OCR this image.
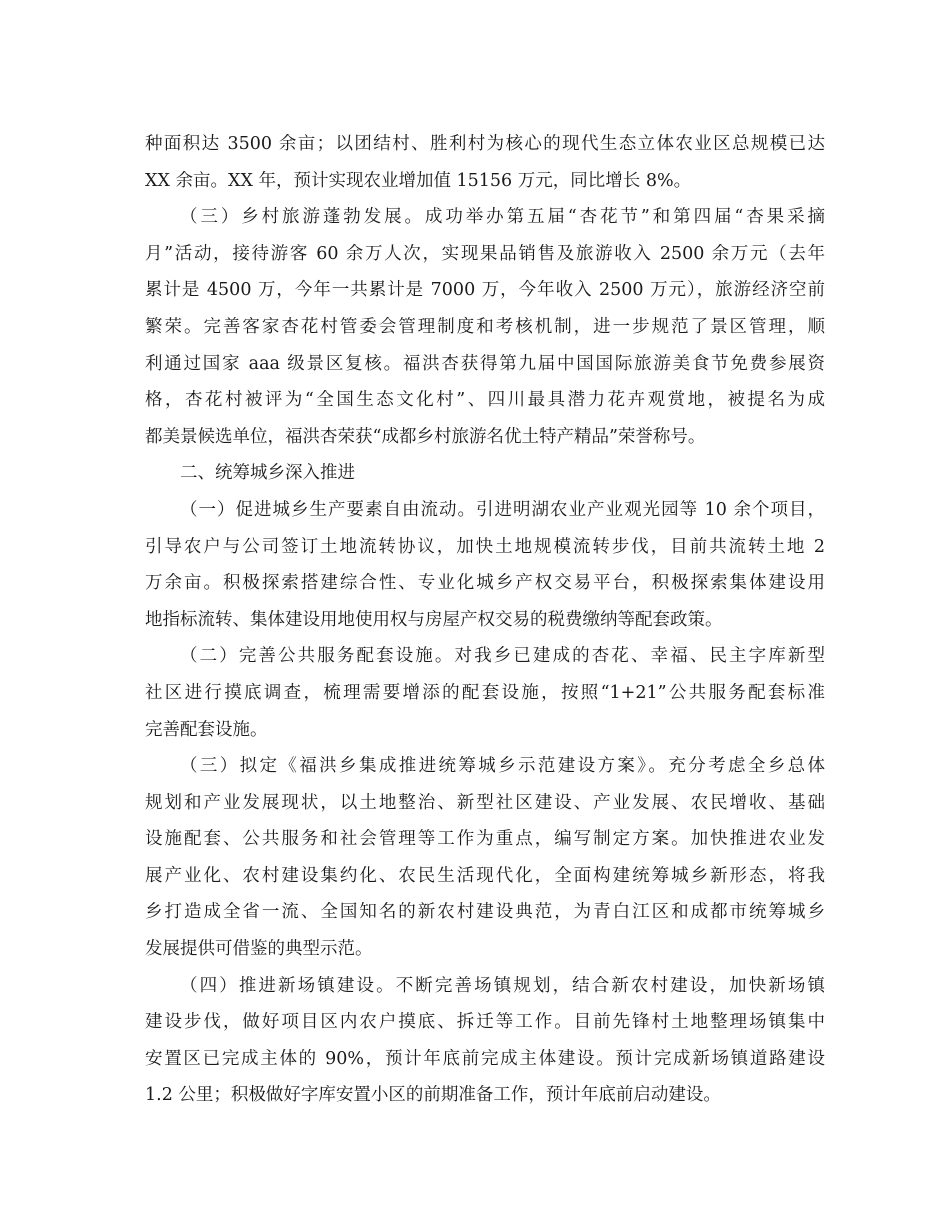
种面积达 3500 余亩；以团结村、胜利村为核心的现代生态立体农业区总规模已达
XX 余亩。XX 年，预计实现农业增加值 15156 万元，同比增长 8%。
（三）乡村旅游蓬勃发展。成功举办第五届“杏花节”和第四届“杏果采摘
月”活动，接待游客 60 余万人次，实现果品销售及旅游收入 2500 余万元（去年
累计是 4500 万，今年一共累计是 7000 万，今年收入 2500 万元），旅游经济空前
繁荣。完善客家杏花村管委会管理制度和考核机制，进一步规范了景区管理，顺
利通过国家 aaa 级景区复核。福洪杏获得第九届中国国际旅游美食节免费参展资
格，杏花村被评为“全国生态文化村”、四川最具潜力花卉观赏地，被提名为成
都美景候选单位，福洪杏荣获“成都乡村旅游名优土特产精品”荣誉称号。
二、统筹城乡深入推进
（一）促进城乡生产要素自由流动。引进明湖农业产业观光园等 10 余个项目，
引导农户与公司签订土地流转协议，加快土地规模流转步伐，目前共流转土地 2
万余亩。积极探索搭建综合性、专业化城乡产权交易平台，积极探索集体建设用
地指标流转、集体建设用地使用权与房屋产权交易的税费缴纳等配套政策。
（二）完善公共服务配套设施。对我乡已建成的杏花、幸福、民主字库新型
社区进行摸底调查，梳理需要增添的配套设施，按照“1+21”公共服务配套标准
完善配套设施。
（三）拟定《福洪乡集成推进统筹城乡示范建设方案》。充分考虑全乡总体
规划和产业发展现状，以土地整治、新型社区建设、产业发展、农民增收、基础
设施配套、公共服务和社会管理等工作为重点，编写制定方案。加快推进农业发
展产业化、农村建设集约化、农民生活现代化，全面构建统筹城乡新形态，将我
乡打造成全省一流、全国知名的新农村建设典范，为青白江区和成都市统筹城乡
发展提供可借鉴的典型示范。
（四）推进新场镇建设。不断完善场镇规划，结合新农村建设，加快新场镇
建设步伐，做好项目区内农户摸底、拆迁等工作。目前先锋村土地整理场镇集中
安置区已完成主体的 90%，预计年底前完成主体建设。预计完成新场镇道路建设
1.2 公里；积极做好字库安置小区的前期准备工作，预计年底前启动建设。
